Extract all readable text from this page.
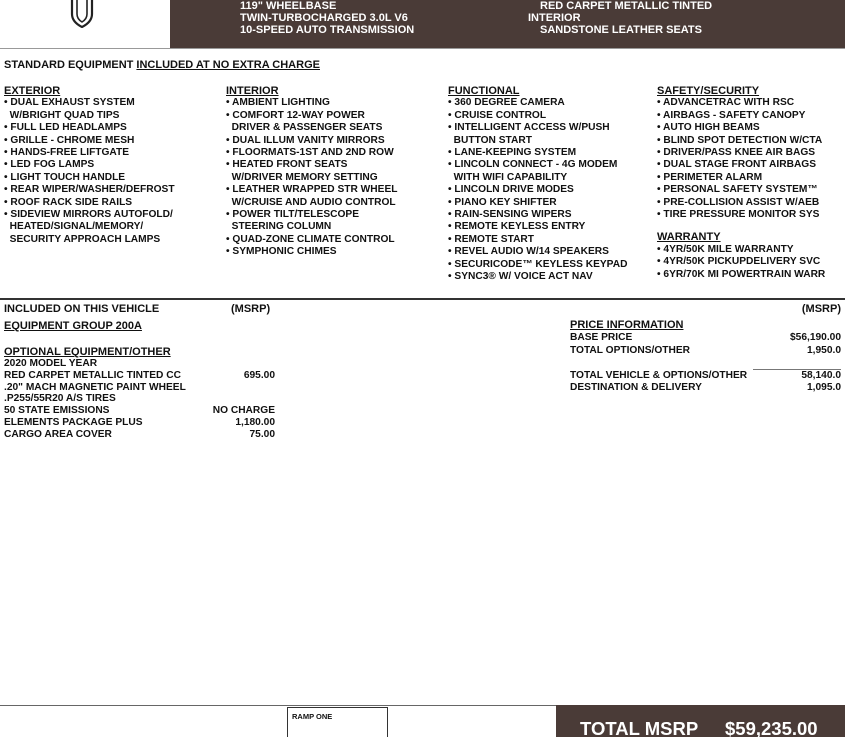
119" WHEELBASE
TWIN-TURBOCHARGED 3.0L V6
10-SPEED AUTO TRANSMISSION
RED CARPET METALLIC TINTED
INTERIOR
SANDSTONE LEATHER SEATS
STANDARD EQUIPMENT INCLUDED AT NO EXTRA CHARGE
EXTERIOR
• DUAL EXHAUST SYSTEM
W/BRIGHT QUAD TIPS
• FULL LED HEADLAMPS
• GRILLE - CHROME MESH
• HANDS-FREE LIFTGATE
• LED FOG LAMPS
• LIGHT TOUCH HANDLE
• REAR WIPER/WASHER/DEFROST
• ROOF RACK SIDE RAILS
• SIDEVIEW MIRRORS AUTOFOLD/
HEATED/SIGNAL/MEMORY/
SECURITY APPROACH LAMPS
INTERIOR
• AMBIENT LIGHTING
• COMFORT 12-WAY POWER
DRIVER & PASSENGER SEATS
• DUAL ILLUM VANITY MIRRORS
• FLOORMATS-1ST AND 2ND ROW
• HEATED FRONT SEATS
W/DRIVER MEMORY SETTING
• LEATHER WRAPPED STR WHEEL
W/CRUISE AND AUDIO CONTROL
• POWER TILT/TELESCOPE
STEERING COLUMN
• QUAD-ZONE CLIMATE CONTROL
• SYMPHONIC CHIMES
FUNCTIONAL
• 360 DEGREE CAMERA
• CRUISE CONTROL
• INTELLIGENT ACCESS W/PUSH
BUTTON START
• LANE-KEEPING SYSTEM
• LINCOLN CONNECT - 4G MODEM
WITH WIFI CAPABILITY
• LINCOLN DRIVE MODES
• PIANO KEY SHIFTER
• RAIN-SENSING WIPERS
• REMOTE KEYLESS ENTRY
• REMOTE START
• REVEL AUDIO W/14 SPEAKERS
• SECURICODE™ KEYLESS KEYPAD
• SYNC3® W/ VOICE ACT NAV
SAFETY/SECURITY
• ADVANCETRAC WITH RSC
• AIRBAGS - SAFETY CANOPY
• AUTO HIGH BEAMS
• BLIND SPOT DETECTION W/CTA
• DRIVER/PASS KNEE AIR BAGS
• DUAL STAGE FRONT AIRBAGS
• PERIMETER ALARM
• PERSONAL SAFETY SYSTEM™
• PRE-COLLISION ASSIST W/AEB
• TIRE PRESSURE MONITOR SYS
WARRANTY
• 4YR/50K MILE WARRANTY
• 4YR/50K PICKUPDELIVERY SVC
• 6YR/70K MI POWERTRAIN WARR
INCLUDED ON THIS VEHICLE	(MSRP)
EQUIPMENT GROUP 200A
OPTIONAL EQUIPMENT/OTHER
2020 MODEL YEAR
RED CARPET METALLIC TINTED CC	695.00
.20" MACH MAGNETIC PAINT WHEEL
.P255/55R20 A/S TIRES
50 STATE EMISSIONS	NO CHARGE
ELEMENTS PACKAGE PLUS	1,180.00
CARGO AREA COVER	75.00
(MSRP)
PRICE INFORMATION
BASE PRICE	$56,190.00
TOTAL OPTIONS/OTHER	1,950.0
TOTAL VEHICLE & OPTIONS/OTHER	58,140.0
DESTINATION & DELIVERY	1,095.0
RAMP ONE
TOTAL MSRP $59,235.00
